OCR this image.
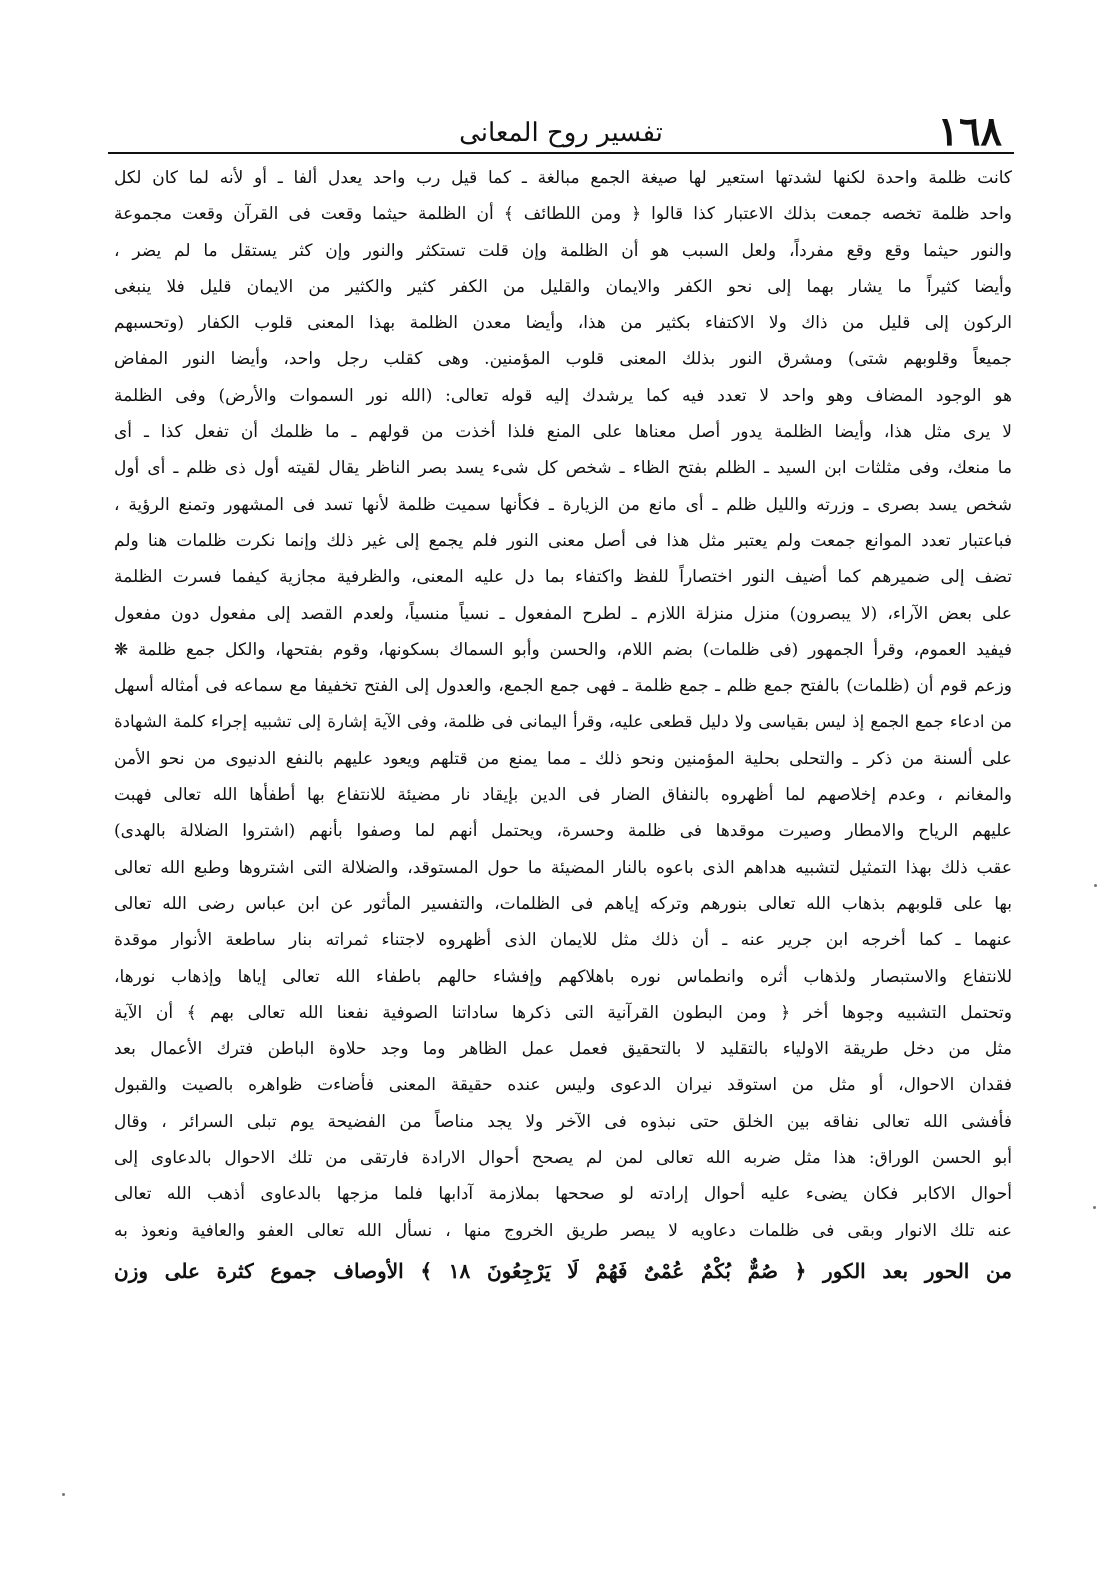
١٦٨
تفسير روح المعانى
كانت ظلمة واحدة لكنها لشدتها استعير لها صيغة الجمع مبالغة ـ كما قيل رب واحد يعدل ألفا ـ أو لأنه لما كان لكل
واحد ظلمة تخصه جمعت بذلك الاعتبار كذا قالوا ﴿ ومن اللطائف ﴾ أن الظلمة حيثما وقعت فى القرآن وقعت مجموعة
والنور حيثما وقع وقع مفرداً، ولعل السبب هو أن الظلمة وإن قلت تستكثر والنور وإن كثر يستقل ما لم يضر ،
وأيضا كثيراً ما يشار بهما إلى نحو الكفر والايمان والقليل من الكفر كثير والكثير من الايمان قليل فلا ينبغى
الركون إلى قليل من ذاك ولا الاكتفاء بكثير من هذا، وأيضا معدن الظلمة بهذا المعنى قلوب الكفار (وتحسبهم
جميعاً وقلوبهم شتى) ومشرق النور بذلك المعنى قلوب المؤمنين. وهى كقلب رجل واحد، وأيضا النور المفاض
هو الوجود المضاف وهو واحد لا تعدد فيه كما يرشدك إليه قوله تعالى: (الله نور السموات والأرض) وفى الظلمة
لا يرى مثل هذا، وأيضا الظلمة يدور أصل معناها على المنع فلذا أخذت من قولهم ـ ما ظلمك أن تفعل كذا ـ أى
ما منعك، وفى مثلثات ابن السيد ـ الظلم بفتح الظاء ـ شخص كل شىء يسد بصر الناظر يقال لقيته أول ذى ظلم ـ أى أول
شخص يسد بصرى ـ وزرته والليل ظلم ـ أى مانع من الزيارة ـ فكأنها سميت ظلمة لأنها تسد فى المشهور وتمنع الرؤية ،
فباعتبار تعدد الموانع جمعت ولم يعتبر مثل هذا فى أصل معنى النور فلم يجمع إلى غير ذلك وإنما نكرت ظلمات هنا ولم
تضف إلى ضميرهم كما أضيف النور اختصاراً للفظ واكتفاء بما دل عليه المعنى، والظرفية مجازية كيفما فسرت الظلمة
على بعض الآراء، (لا يبصرون) منزل منزلة اللازم ـ لطرح المفعول ـ نسياً منسياً، ولعدم القصد إلى مفعول دون مفعول
فيفيد العموم، وقرأ الجمهور (فى ظلمات) بضم اللام، والحسن وأبو السماك بسكونها، وقوم بفتحها، والكل جمع ظلمة ❋
وزعم قوم أن (ظلمات) بالفتح جمع ظلم ـ جمع ظلمة ـ فهى جمع الجمع، والعدول إلى الفتح تخفيفا مع سماعه فى أمثاله أسهل
من ادعاء جمع الجمع إذ ليس بقياسى ولا دليل قطعى عليه، وقرأ اليمانى فى ظلمة، وفى الآية إشارة إلى تشبيه إجراء كلمة الشهادة
على ألسنة من ذكر ـ والتحلى بحلية المؤمنين ونحو ذلك ـ مما يمنع من قتلهم ويعود عليهم بالنفع الدنيوى من نحو الأمن
والمغانم ، وعدم إخلاصهم لما أظهروه بالنفاق الضار فى الدين بإيقاد نار مضيئة للانتفاع بها أطفأها الله تعالى فهبت
عليهم الرياح والامطار وصيرت موقدها فى ظلمة وحسرة، ويحتمل أنهم لما وصفوا بأنهم (اشتروا الضلالة بالهدى)
عقب ذلك بهذا التمثيل لتشبيه هداهم الذى باعوه بالنار المضيئة ما حول المستوقد، والضلالة التى اشتروها وطبع الله تعالى
بها على قلوبهم بذهاب الله تعالى بنورهم وتركه إياهم فى الظلمات، والتفسير المأثور عن ابن عباس رضى الله تعالى
عنهما ـ كما أخرجه ابن جرير عنه ـ أن ذلك مثل للايمان الذى أظهروه لاجتناء ثمراته بنار ساطعة الأنوار موقدة
للانتفاع والاستبصار ولذهاب أثره وانطماس نوره باهلاكهم وإفشاء حالهم باطفاء الله تعالى إياها وإذهاب نورها،
وتحتمل التشبيه وجوها أخر ﴿ ومن البطون القرآنية التى ذكرها ساداتنا الصوفية نفعنا الله تعالى بهم ﴾ أن الآية
مثل من دخل طريقة الاولياء بالتقليد لا بالتحقيق فعمل عمل الظاهر وما وجد حلاوة الباطن فترك الأعمال بعد
فقدان الاحوال، أو مثل من استوقد نيران الدعوى وليس عنده حقيقة المعنى فأضاءت ظواهره بالصيت والقبول
فأفشى الله تعالى نفاقه بين الخلق حتى نبذوه فى الآخر ولا يجد مناصاً من الفضيحة يوم تبلى السرائر ، وقال
أبو الحسن الوراق: هذا مثل ضربه الله تعالى لمن لم يصحح أحوال الارادة فارتقى من تلك الاحوال بالدعاوى إلى
أحوال الاكابر فكان يضىء عليه أحوال إرادته لو صححها بملازمة آدابها فلما مزجها بالدعاوى أذهب الله تعالى
عنه تلك الانوار وبقى فى ظلمات دعاويه لا يبصر طريق الخروج منها ، نسأل الله تعالى العفو والعافية ونعوذ به
من الحور بعد الكور ﴿ صُمٌّ بُكْمٌ عُمْىٌ فَهُمْ لَا يَرْجِعُونَ ١٨ ﴾ الأوصاف جموع كثرة على وزن
